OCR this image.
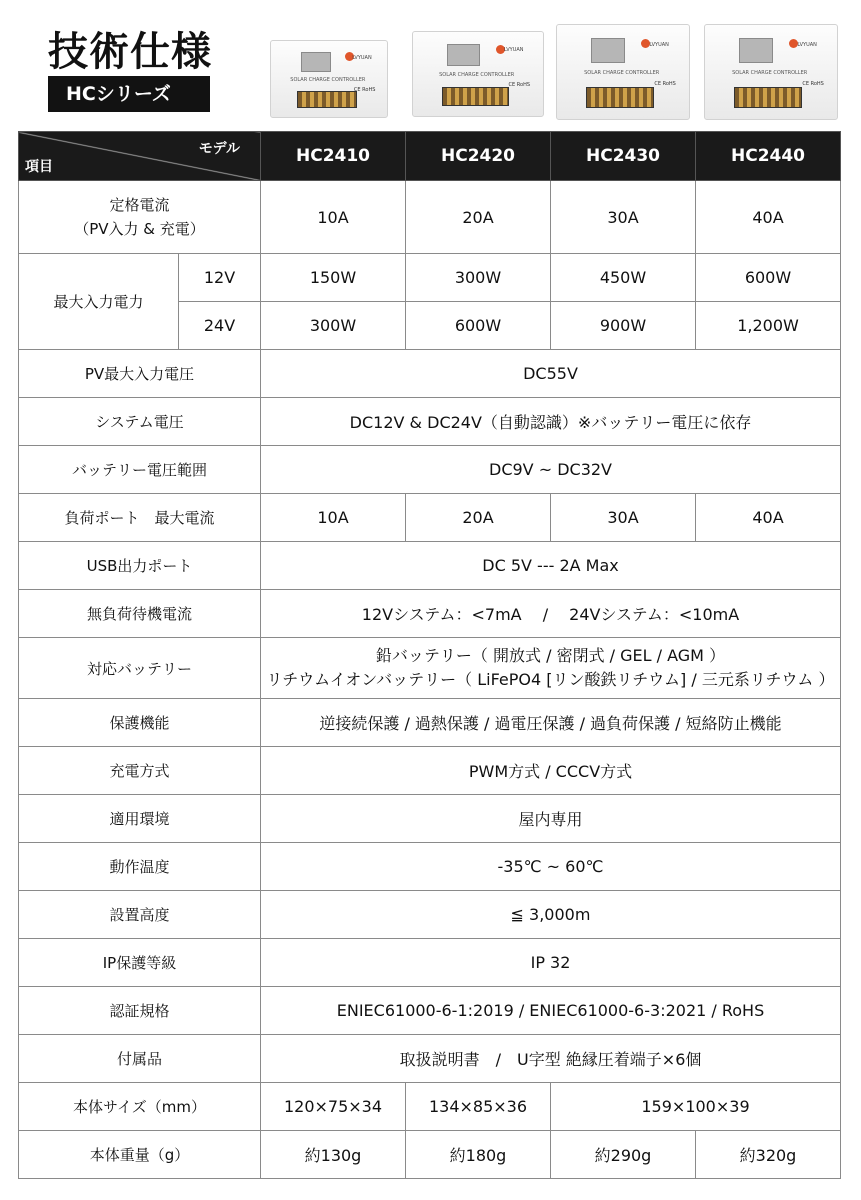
技術仕様
HCシリーズ
LVYUAN
SOLAR CHARGE CONTROLLER
CE RoHS
LVYUAN
SOLAR CHARGE CONTROLLER
CE RoHS
LVYUAN
SOLAR CHARGE CONTROLLER
CE RoHS
LVYUAN
SOLAR CHARGE CONTROLLER
CE RoHS
モデル
項目		HC2410	HC2420	HC2430	HC2440

定格電流
（PV入力 & 充電）		10A	20A	30A	40A
最大入力電力	12V	150W	300W	450W	600W
	24V	300W	600W	900W	1,200W
PV最大入力電圧		DC55V			
システム電圧		DC12V & DC24V（自動認識）※バッテリー電圧に依存			
バッテリー電圧範囲		DC9V ~ DC32V			
負荷ポート　最大電流		10A	20A	30A	40A
USB出力ポート		DC 5V --- 2A Max			
無負荷待機電流		12Vシステム：<7mA　 /　 24Vシステム：<10mA			
対応バッテリー		鉛バッテリー（ 開放式 / 密閉式 / GEL / AGM ）
リチウムイオンバッテリー（ LiFePO4 [リン酸鉄リチウム] / 三元系リチウム ）			

保護機能		逆接続保護 / 過熱保護 / 過電圧保護 / 過負荷保護 / 短絡防止機能			
充電方式		PWM方式 / CCCV方式			
適用環境		屋内専用			
動作温度		-35℃ ~ 60℃			
設置高度		≦ 3,000m			
IP保護等級		IP 32			
認証規格		ENIEC61000-6-1:2019 / ENIEC61000-6-3:2021 / RoHS			
付属品		取扱説明書　/　U字型 絶縁圧着端子×6個			
本体サイズ（mm）		120×75×34	134×85×36	159×100×39	
本体重量（g）		約130g	約180g	約290g	約320g
